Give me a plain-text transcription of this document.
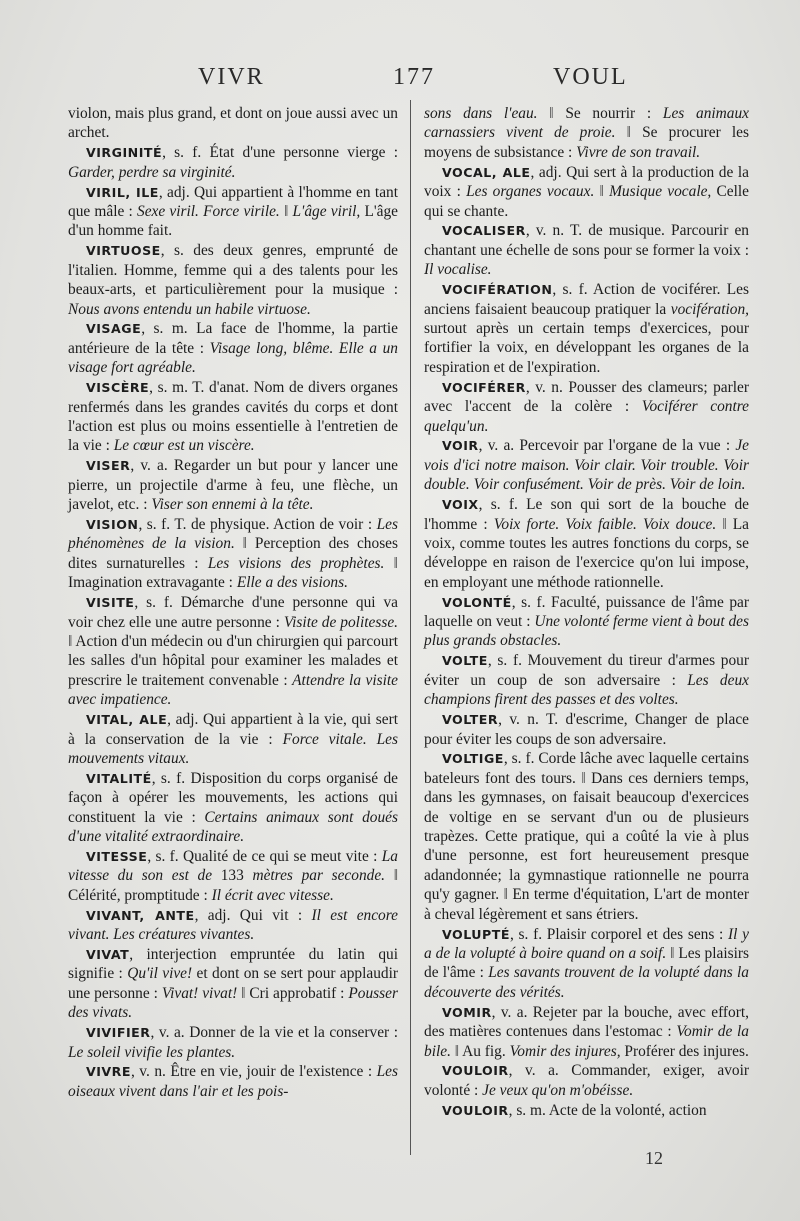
VIVR	177	VOUL

violon, mais plus grand, et dont on joue aussi avec un archet.

VIRGINITÉ, s. f. État d'une personne vierge : Garder, perdre sa virginité.

VIRIL, ILE, adj. Qui appartient à l'homme en tant que mâle : Sexe viril. Force virile. ‖ L'âge viril, L'âge d'un homme fait.

VIRTUOSE, s. des deux genres, emprunté de l'italien. Homme, femme qui a des talents pour les beaux-arts, et particulièrement pour la musique : Nous avons entendu un habile virtuose.

VISAGE, s. m. La face de l'homme, la partie antérieure de la tête : Visage long, blême. Elle a un visage fort agréable.

VISCÈRE, s. m. T. d'anat. Nom de divers organes renfermés dans les grandes cavités du corps et dont l'action est plus ou moins essentielle à l'entretien de la vie : Le cœur est un viscère.

VISER, v. a. Regarder un but pour y lancer une pierre, un projectile d'arme à feu, une flèche, un javelot, etc. : Viser son ennemi à la tête.

VISION, s. f. T. de physique. Action de voir : Les phénomènes de la vision. ‖ Perception des choses dites surnaturelles : Les visions des prophètes. ‖ Imagination extravagante : Elle a des visions.

VISITE, s. f. Démarche d'une personne qui va voir chez elle une autre personne : Visite de politesse. ‖ Action d'un médecin ou d'un chirurgien qui parcourt les salles d'un hôpital pour examiner les malades et prescrire le traitement convenable : Attendre la visite avec impatience.

VITAL, ALE, adj. Qui appartient à la vie, qui sert à la conservation de la vie : Force vitale. Les mouvements vitaux.

VITALITÉ, s. f. Disposition du corps organisé de façon à opérer les mouvements, les actions qui constituent la vie : Certains animaux sont doués d'une vitalité extraordinaire.

VITESSE, s. f. Qualité de ce qui se meut vite : La vitesse du son est de 133 mètres par seconde. ‖ Célérité, promptitude : Il écrit avec vitesse.

VIVANT, ANTE, adj. Qui vit : Il est encore vivant. Les créatures vivantes.

VIVAT, interjection empruntée du latin qui signifie : Qu'il vive! et dont on se sert pour applaudir une personne : Vivat! vivat! ‖ Cri approbatif : Pousser des vivats.

VIVIFIER, v. a. Donner de la vie et la conserver : Le soleil vivifie les plantes.

VIVRE, v. n. Être en vie, jouir de l'existence : Les oiseaux vivent dans l'air et les pois-

sons dans l'eau. ‖ Se nourrir : Les animaux carnassiers vivent de proie. ‖ Se procurer les moyens de subsistance : Vivre de son travail.

VOCAL, ALE, adj. Qui sert à la production de la voix : Les organes vocaux. ‖ Musique vocale, Celle qui se chante.

VOCALISER, v. n. T. de musique. Parcourir en chantant une échelle de sons pour se former la voix : Il vocalise.

VOCIFÉRATION, s. f. Action de vociférer. Les anciens faisaient beaucoup pratiquer la vocifération, surtout après un certain temps d'exercices, pour fortifier la voix, en développant les organes de la respiration et de l'expiration.

VOCIFÉRER, v. n. Pousser des clameurs; parler avec l'accent de la colère : Vociférer contre quelqu'un.

VOIR, v. a. Percevoir par l'organe de la vue : Je vois d'ici notre maison. Voir clair. Voir trouble. Voir double. Voir confusément. Voir de près. Voir de loin.

VOIX, s. f. Le son qui sort de la bouche de l'homme : Voix forte. Voix faible. Voix douce. ‖ La voix, comme toutes les autres fonctions du corps, se développe en raison de l'exercice qu'on lui impose, en employant une méthode rationnelle.

VOLONTÉ, s. f. Faculté, puissance de l'âme par laquelle on veut : Une volonté ferme vient à bout des plus grands obstacles.

VOLTE, s. f. Mouvement du tireur d'armes pour éviter un coup de son adversaire : Les deux champions firent des passes et des voltes.

VOLTER, v. n. T. d'escrime, Changer de place pour éviter les coups de son adversaire.

VOLTIGE, s. f. Corde lâche avec laquelle certains bateleurs font des tours. ‖ Dans ces derniers temps, dans les gymnases, on faisait beaucoup d'exercices de voltige en se servant d'un ou de plusieurs trapèzes. Cette pratique, qui a coûté la vie à plus d'une personne, est fort heureusement presque adandonnée; la gymnastique rationnelle ne pourra qu'y gagner. ‖ En terme d'équitation, L'art de monter à cheval légèrement et sans étriers.

VOLUPTÉ, s. f. Plaisir corporel et des sens : Il y a de la volupté à boire quand on a soif. ‖ Les plaisirs de l'âme : Les savants trouvent de la volupté dans la découverte des vérités.

VOMIR, v. a. Rejeter par la bouche, avec effort, des matières contenues dans l'estomac : Vomir de la bile. ‖ Au fig. Vomir des injures, Proférer des injures.

VOULOIR, v. a. Commander, exiger, avoir volonté : Je veux qu'on m'obéisse.

VOULOIR, s. m. Acte de la volonté, action

12
